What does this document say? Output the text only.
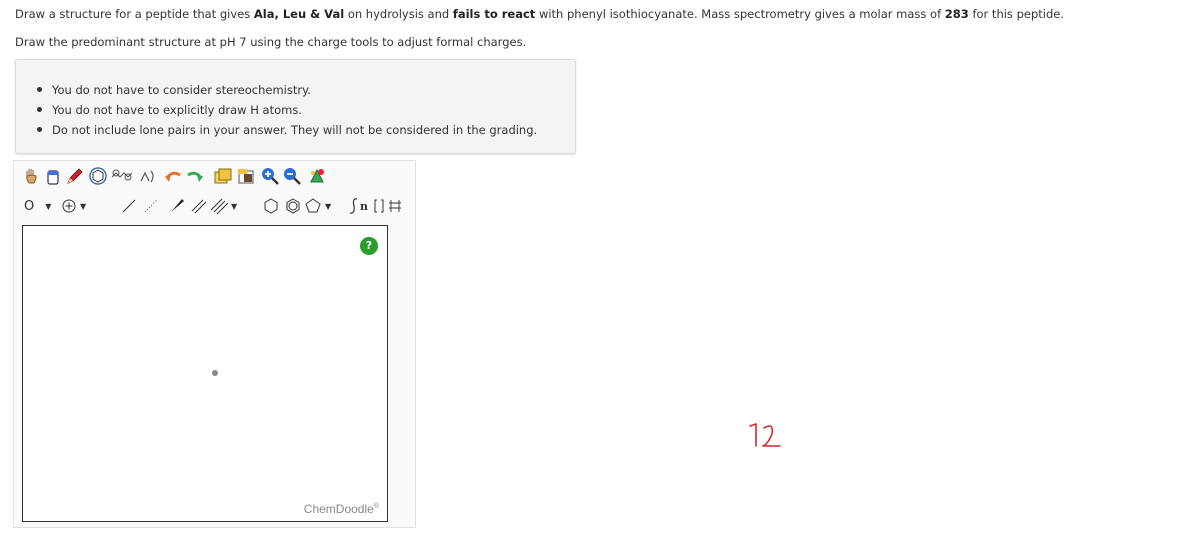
Draw a structure for a peptide that gives Ala, Leu & Val on hydrolysis and fails to react with phenyl isothiocyanate. Mass spectrometry gives a molar mass of 283 for this peptide.
Draw the predominant structure at pH 7 using the charge tools to adjust formal charges.
You do not have to consider stereochemistry.
You do not have to explicitly draw H atoms.
Do not include lone pairs in your answer. They will not be considered in the grading.
O ▼	▼	▼	▼	n
?
ChemDoodle®
